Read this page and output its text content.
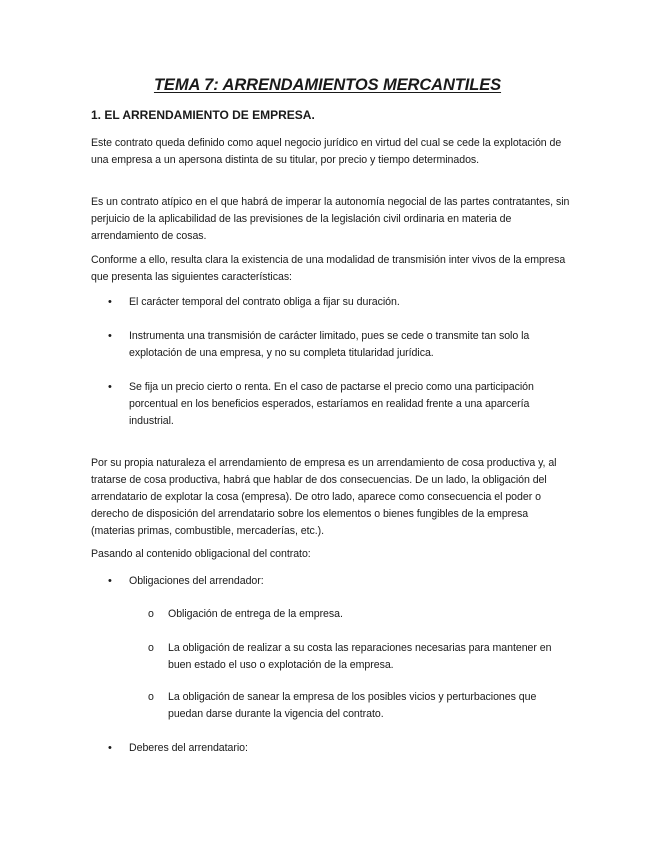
TEMA 7: ARRENDAMIENTOS MERCANTILES
1. EL ARRENDAMIENTO DE EMPRESA.

Este contrato queda definido como aquel negocio jurídico en virtud del cual se cede la explotación de una empresa a un apersona distinta de su titular, por precio y tiempo determinados.

Es un contrato atípico en el que habrá de imperar la autonomía negocial de las partes contratantes, sin perjuicio de la aplicabilidad de las previsiones de la legislación civil ordinaria en materia de arrendamiento de cosas.

Conforme a ello, resulta clara la existencia de una modalidad de transmisión inter vivos de la empresa que presenta las siguientes características:

•	El carácter temporal del contrato obliga a fijar su duración.

•	Instrumenta una transmisión de carácter limitado, pues se cede o transmite tan solo la explotación de una empresa, y no su completa titularidad jurídica.

•	Se fija un precio cierto o renta. En el caso de pactarse el precio como una participación porcentual en los beneficios esperados, estaríamos en realidad frente a una aparcería industrial.

Por su propia naturaleza el arrendamiento de empresa es un arrendamiento de cosa productiva y, al tratarse de cosa productiva, habrá que hablar de dos consecuencias. De un lado, la obligación del arrendatario de explotar la cosa (empresa). De otro lado, aparece como consecuencia el poder o derecho de disposición del arrendatario sobre los elementos o bienes fungibles de la empresa (materias primas, combustible, mercaderías, etc.).

Pasando al contenido obligacional del contrato:

•	Obligaciones del arrendador:

o	Obligación de entrega de la empresa.

o	La obligación de realizar a su costa las reparaciones necesarias para mantener en buen estado el uso o explotación de la empresa.

o	La obligación de sanear la empresa de los posibles vicios y perturbaciones que puedan darse durante la vigencia del contrato.

•	Deberes del arrendatario:
